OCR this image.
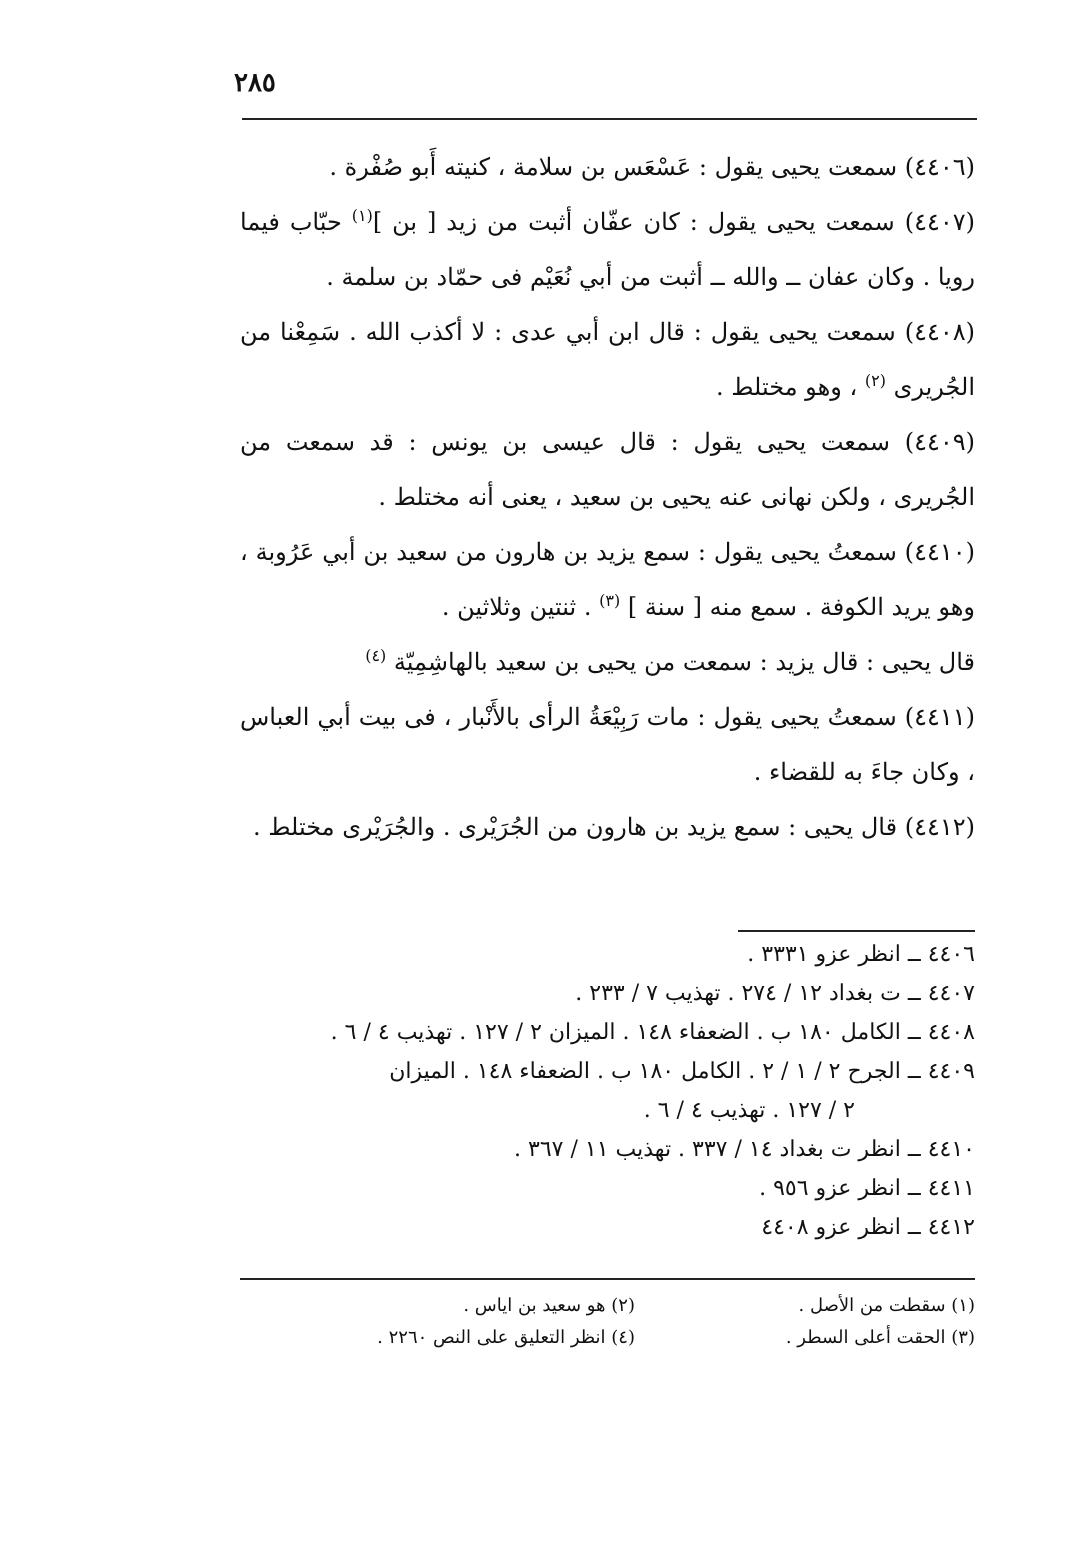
٢٨٥

(٤٤٠٦) سمعت يحيى يقول : عَسْعَس بن سلامة ، كنيته أَبو صُفْرة .

(٤٤٠٧) سمعت يحيى يقول : كان عفّان أثبت من زيد [ بن ]$^{(١)}$ حبّاب فيما رويا . وكان عفان ــ والله ــ أثبت من أبي نُعَيْم فى حمّاد بن سلمة .

(٤٤٠٨) سمعت يحيى يقول : قال ابن أبي عدى : لا أكذب الله . سَمِعْنا من الجُريرى $^{(٢)}$ ، وهو مختلط .

(٤٤٠٩) سمعت يحيى يقول : قال عيسى بن يونس : قد سمعت من الجُريرى ، ولكن نهانى عنه يحيى بن سعيد ، يعنى أنه مختلط .

(٤٤١٠) سمعتُ يحيى يقول : سمع يزيد بن هارون من سعيد بن أبي عَرُوبة ، وهو يريد الكوفة . سمع منه [ سنة ] $^{(٣)}$ . ثنتين وثلاثين .

قال يحيى : قال يزيد : سمعت من يحيى بن سعيد بالهاشِمِيّة $^{(٤)}$

(٤٤١١) سمعتُ يحيى يقول : مات رَبِيْعَةُ الرأى بالأَنْبار ، فى بيت أبي العباس ، وكان جاءَ به للقضاء .

(٤٤١٢) قال يحيى : سمع يزيد بن هارون من الجُرَيْرى . والجُرَيْرى مختلط .

٤٤٠٦ ــ انظر عزو ٣٣٣١ .
٤٤٠٧ ــ ت بغداد ١٢ / ٢٧٤ . تهذيب ٧ / ٢٣٣ .
٤٤٠٨ ــ الكامل ١٨٠ ب . الضعفاء ١٤٨ . الميزان ٢ / ١٢٧ . تهذيب ٤ / ٦ .
٤٤٠٩ ــ الجرح ٢ / ١ / ٢ . الكامل ١٨٠ ب . الضعفاء ١٤٨ . الميزان
٢ / ١٢٧ . تهذيب ٤ / ٦ .
٤٤١٠ ــ انظر ت بغداد ١٤ / ٣٣٧ . تهذيب ١١ / ٣٦٧ .
٤٤١١ ــ انظر عزو ٩٥٦ .
٤٤١٢ ــ انظر عزو ٤٤٠٨
(١) سقطت من الأصل .
(٢) هو سعيد بن اياس .
(٣) الحقت أعلى السطر .
(٤) انظر التعليق على النص ٢٢٦٠ .
